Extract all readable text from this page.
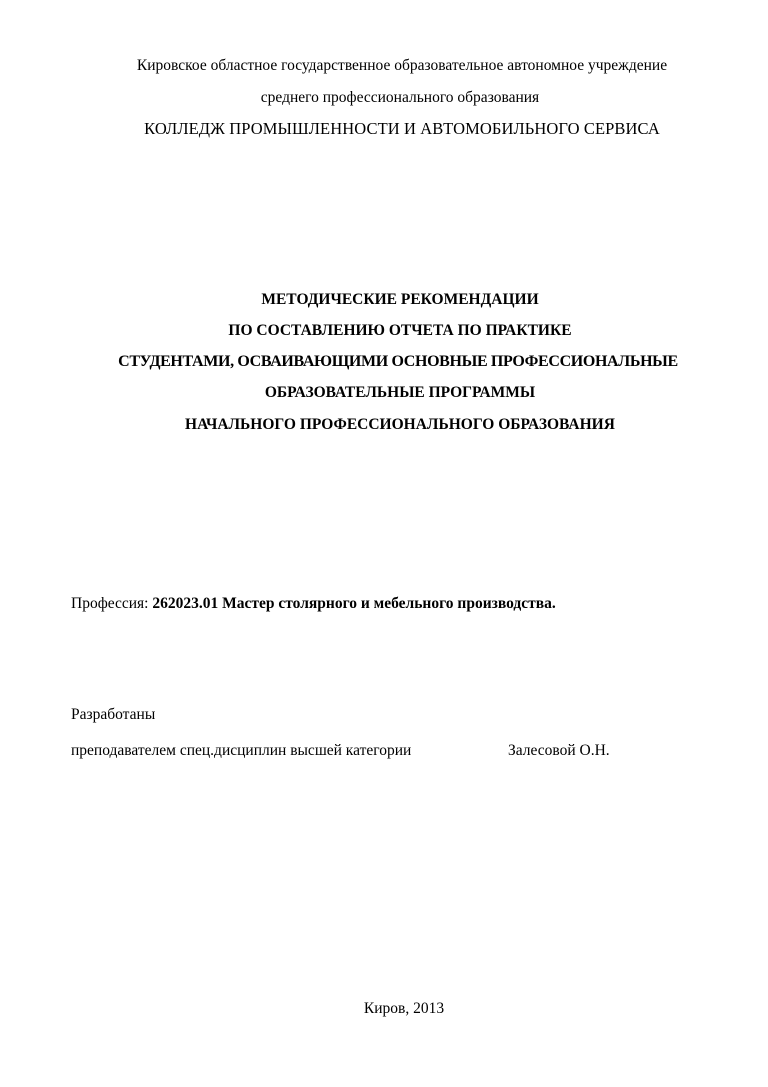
Кировское областное государственное образовательное автономное учреждение
среднего профессионального образования
КОЛЛЕДЖ ПРОМЫШЛЕННОСТИ И АВТОМОБИЛЬНОГО СЕРВИСА
МЕТОДИЧЕСКИЕ РЕКОМЕНДАЦИИ
ПО СОСТАВЛЕНИЮ ОТЧЕТА ПО ПРАКТИКЕ
СТУДЕНТАМИ, ОСВАИВАЮЩИМИ ОСНОВНЫЕ ПРОФЕССИОНАЛЬНЫЕ
ОБРАЗОВАТЕЛЬНЫЕ ПРОГРАММЫ
НАЧАЛЬНОГО ПРОФЕССИОНАЛЬНОГО ОБРАЗОВАНИЯ
Профессия: 262023.01 Мастер столярного и мебельного производства.
Разработаны
преподавателем спец.дисциплин высшей категории	Залесовой О.Н.
Киров, 2013
